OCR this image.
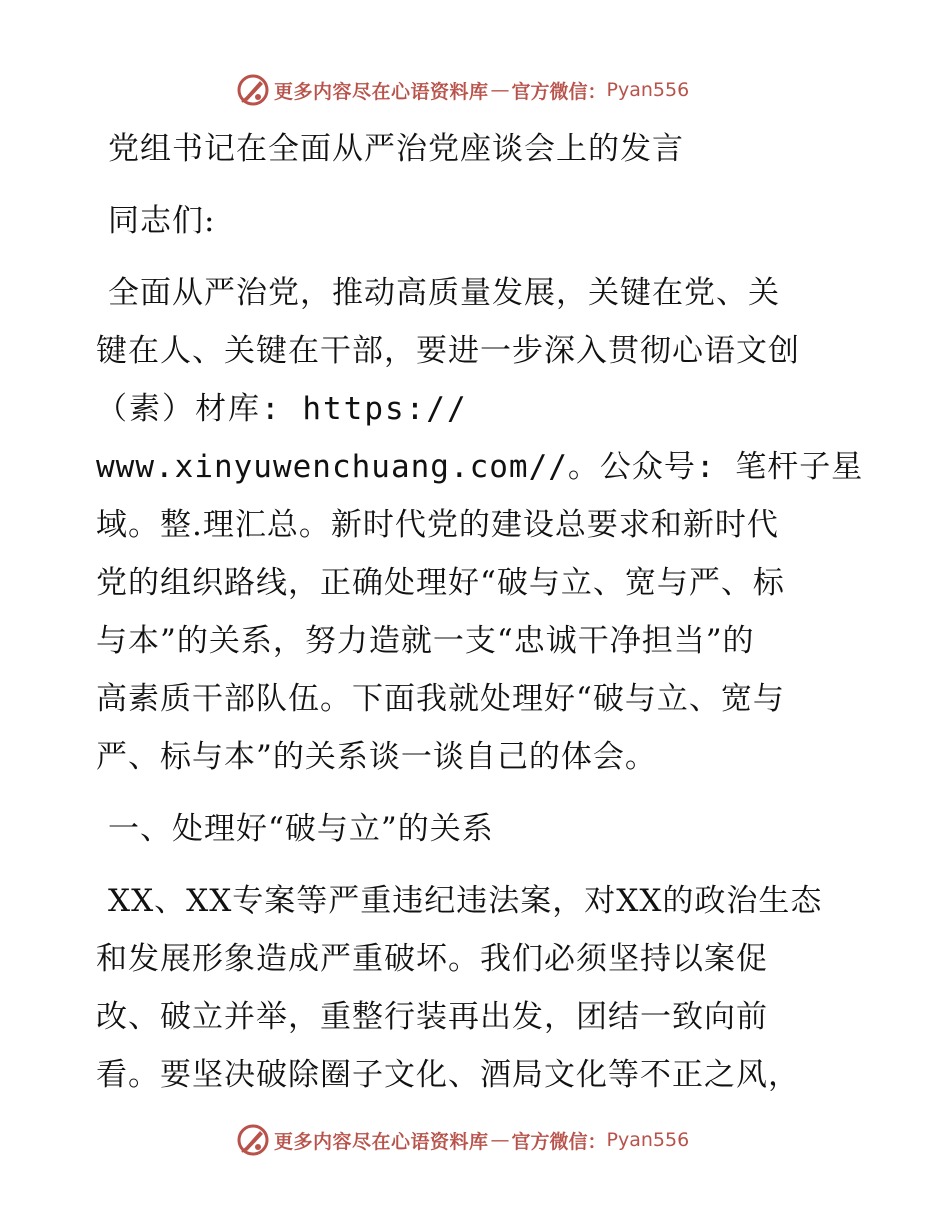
更多内容尽在心语资料库 — 官方微信： Pyan556
党组书记在全面从严治党座谈会上的发言
同志们:
全面从严治党，推动高质量发展，关键在党、关
键在人、关键在干部，要进一步深入贯彻心语文创
（素）材库: https://
www.xinyuwenchuang.com//。公众号: 笔杆子星
域。整.理汇总。新时代党的建设总要求和新时代
党的组织路线，正确处理好“破与立、宽与严、标
与本”的关系，努力造就一支“忠诚干净担当”的
高素质干部队伍。下面我就处理好“破与立、宽与
严、标与本”的关系谈一谈自己的体会。
一、处理好“破与立”的关系
XX、XX专案等严重违纪违法案，对XX的政治生态
和发展形象造成严重破坏。我们必须坚持以案促
改、破立并举，重整行装再出发，团结一致向前
看。要坚决破除圈子文化、酒局文化等不正之风，
更多内容尽在心语资料库 — 官方微信： Pyan556
